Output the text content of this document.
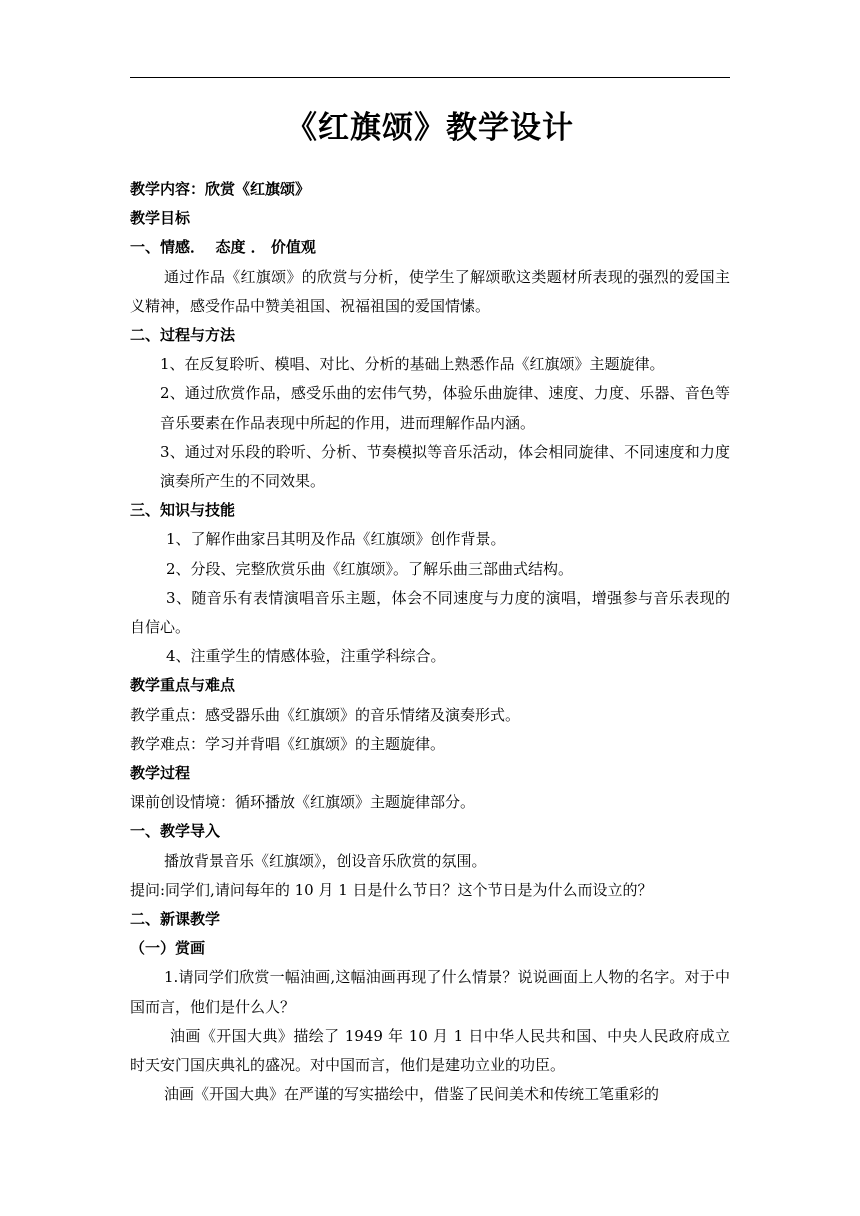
《红旗颂》教学设计

教学内容：欣赏《红旗颂》

教学目标

一、情感．  态度 ． 价值观

通过作品《红旗颂》的欣赏与分析，使学生了解颂歌这类题材所表现的强烈的爱国主义精神，感受作品中赞美祖国、祝福祖国的爱国情愫。

二、过程与方法

1、在反复聆听、模唱、对比、分析的基础上熟悉作品《红旗颂》主题旋律。

2、通过欣赏作品，感受乐曲的宏伟气势，体验乐曲旋律、速度、力度、乐器、音色等音乐要素在作品表现中所起的作用，进而理解作品内涵。

3、通过对乐段的聆听、分析、节奏模拟等音乐活动，体会相同旋律、不同速度和力度演奏所产生的不同效果。

三、知识与技能

1、了解作曲家吕其明及作品《红旗颂》创作背景。

2、分段、完整欣赏乐曲《红旗颂》。了解乐曲三部曲式结构。

3、随音乐有表情演唱音乐主题，体会不同速度与力度的演唱，增强参与音乐表现的自信心。

4、注重学生的情感体验，注重学科综合。

教学重点与难点

教学重点：感受器乐曲《红旗颂》的音乐情绪及演奏形式。

教学难点：学习并背唱《红旗颂》的主题旋律。

教学过程

课前创设情境：循环播放《红旗颂》主题旋律部分。

一、教学导入

播放背景音乐《红旗颂》，创设音乐欣赏的氛围。

提问:同学们,请问每年的 10 月 1 日是什么节日？这个节日是为什么而设立的？

二、新课教学

（一）赏画

1.请同学们欣赏一幅油画,这幅油画再现了什么情景？说说画面上人物的名字。对于中国而言，他们是什么人？

油画《开国大典》描绘了 1949 年 10 月 1 日中华人民共和国、中央人民政府成立时天安门国庆典礼的盛况。对中国而言，他们是建功立业的功臣。

油画《开国大典》在严谨的写实描绘中，借鉴了民间美术和传统工笔重彩的
